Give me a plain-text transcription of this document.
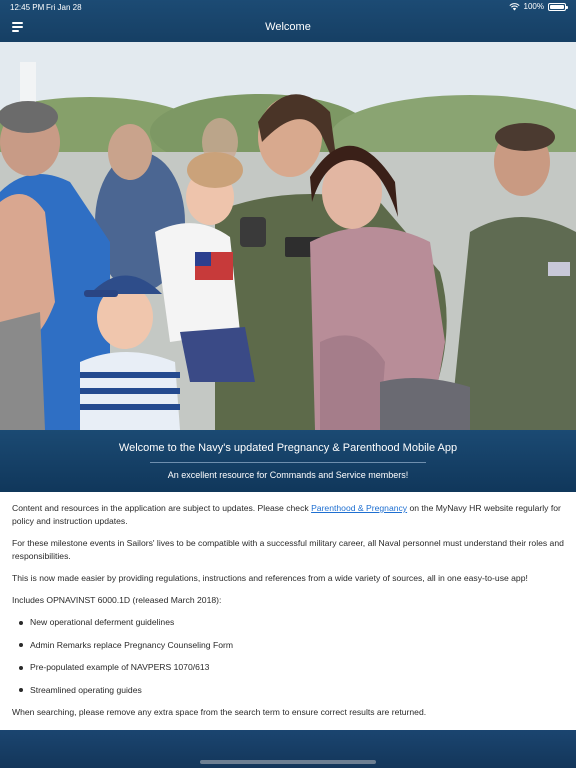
12:45 PM Fri Jan 28	100%
Welcome
Welcome to the Navy's updated Pregnancy & Parenthood Mobile App
An excellent resource for Commands and Service members!

Content and resources in the application are subject to updates. Please check Parenthood & Pregnancy on the MyNavy HR website regularly for policy and instruction updates.

For these milestone events in Sailors' lives to be compatible with a successful military career, all Naval personnel must understand their roles and responsibilities.

This is now made easier by providing regulations, instructions and references from a wide variety of sources, all in one easy-to-use app!

Includes OPNAVINST 6000.1D (released March 2018):

New operational deferment guidelines
Admin Remarks replace Pregnancy Counseling Form
Pre-populated example of NAVPERS 1070/613
Streamlined operating guides

When searching, please remove any extra space from the search term to ensure correct results are returned.
